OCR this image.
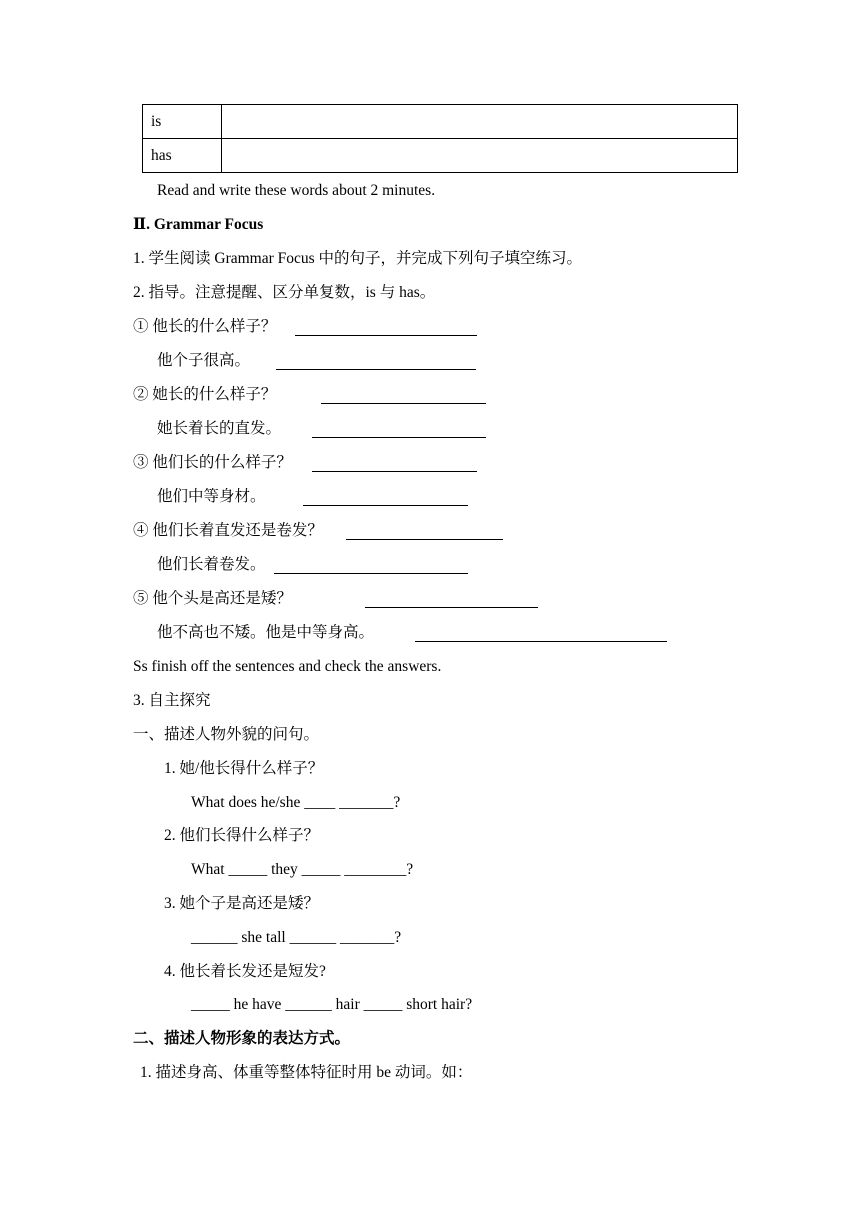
is	
has	
Read and write these words about 2 minutes.
Ⅱ. Grammar Focus
1. 学生阅读 Grammar Focus 中的句子，并完成下列句子填空练习。
2. 指导。注意提醒、区分单复数，is 与 has。
① 他长的什么样子？
他个子很高。
② 她长的什么样子？
她长着长的直发。
③ 他们长的什么样子？
他们中等身材。
④ 他们长着直发还是卷发？
他们长着卷发。
⑤ 他个头是高还是矮？
他不高也不矮。他是中等身高。
Ss finish off the sentences and check the answers.
3. 自主探究
一、描述人物外貌的问句。
1. 她/他长得什么样子？
What does he/she ____ _______?
2. 他们长得什么样子？
What _____ they _____ ________?
3. 她个子是高还是矮？
______ she tall ______ _______?
4. 他长着长发还是短发?
_____ he have ______ hair _____ short hair?
二、描述人物形象的表达方式。
1. 描述身高、体重等整体特征时用 be 动词。如：
